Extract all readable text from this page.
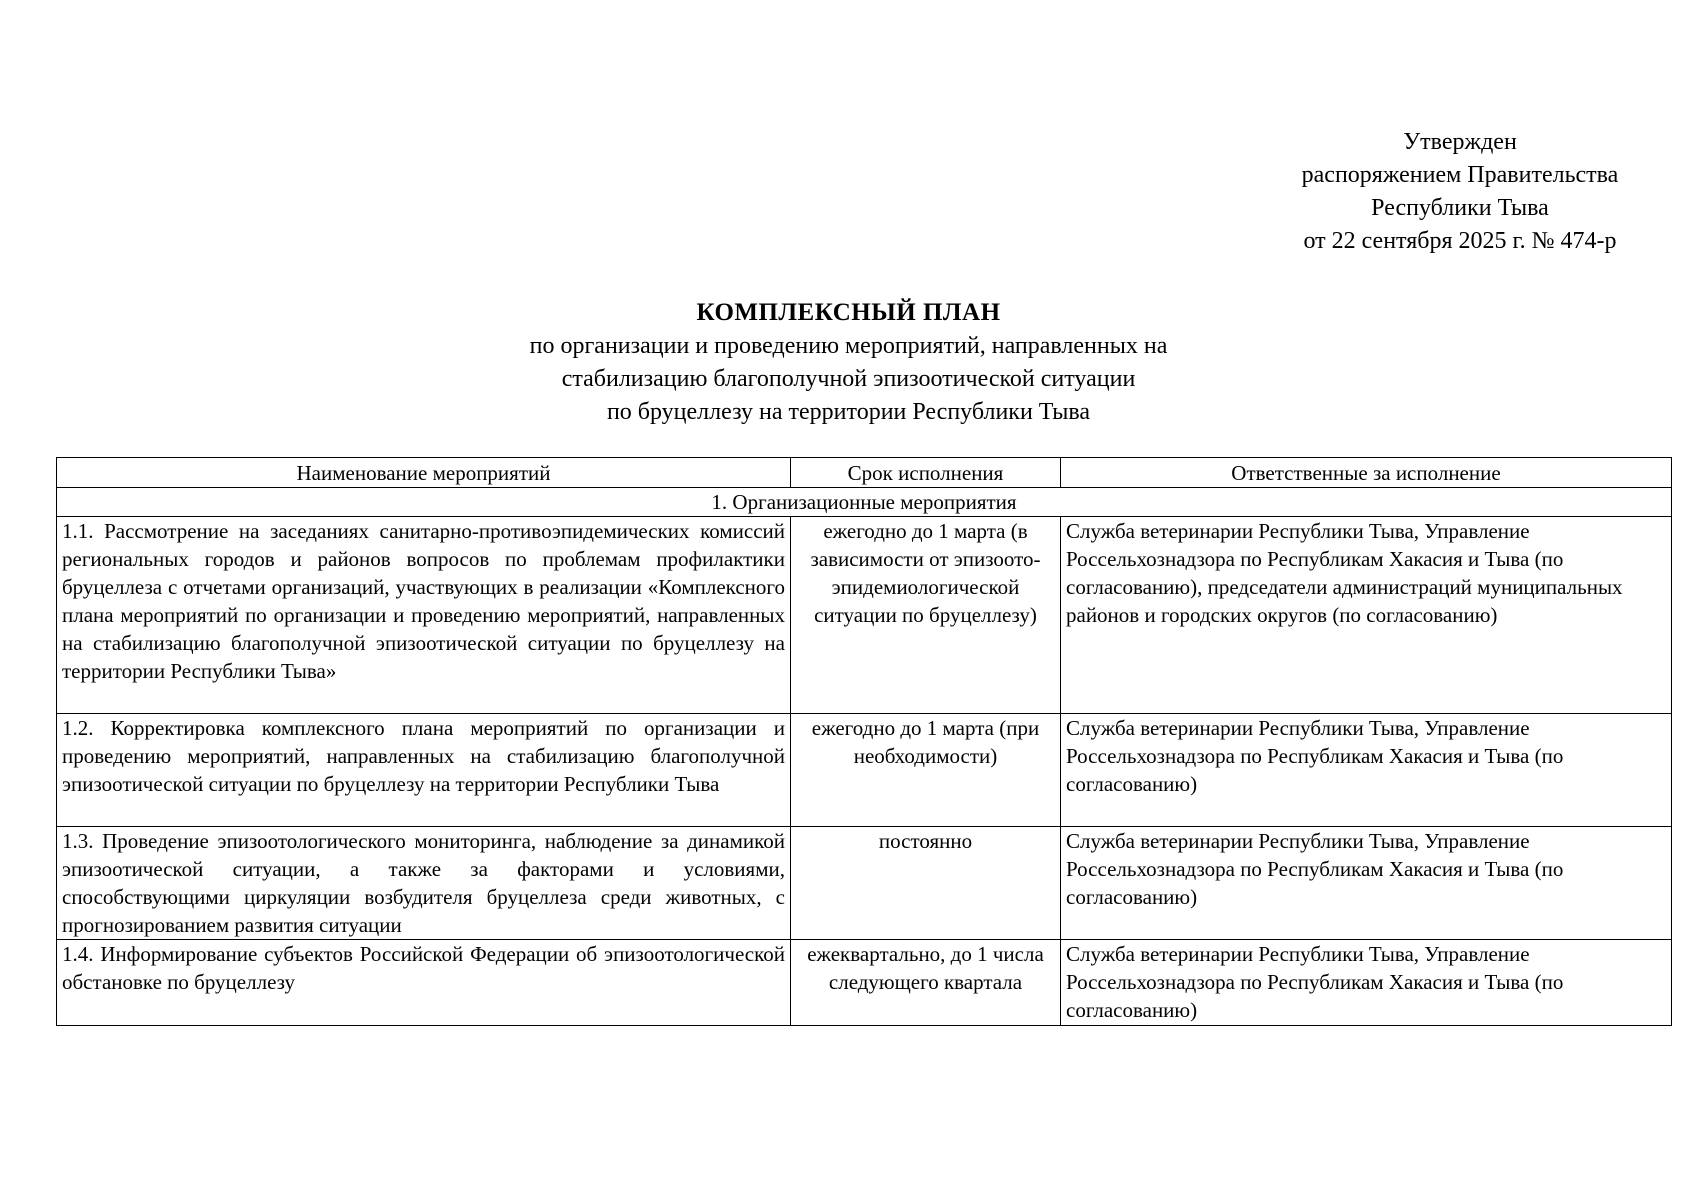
Утвержден
распоряжением Правительства
Республики Тыва
от 22 сентября 2025 г. № 474-р
КОМПЛЕКСНЫЙ ПЛАН
по организации и проведению мероприятий, направленных на
стабилизацию благополучной эпизоотической ситуации
по бруцеллезу на территории Республики Тыва
Наименование мероприятий	Срок исполнения	Ответственные за исполнение
1. Организационные мероприятия		
1.1. Рассмотрение на заседаниях санитарно-противоэпидемических комиссий региональных городов и районов вопросов по проблемам профилактики бруцеллеза с отчетами организаций, участвующих в реализации «Комплексного плана мероприятий по организации и проведению мероприятий, направленных на стабилизацию благополучной эпизоотической ситуации по бруцеллезу на территории Республики Тыва»	ежегодно до 1 марта (в зависимости от эпизоото-эпидемиологической ситуации по бруцеллезу)	Служба ветеринарии Республики Тыва, Управление Россельхознадзора по Республикам Хакасия и Тыва (по согласованию), председатели администраций муниципальных районов и городских округов (по согласованию)
1.2. Корректировка комплексного плана мероприятий по организации и проведению мероприятий, направленных на стабилизацию благополучной эпизоотической ситуации по бруцеллезу на территории Республики Тыва	ежегодно до 1 марта (при необходимости)	Служба ветеринарии Республики Тыва, Управление Россельхознадзора по Республикам Хакасия и Тыва (по согласованию)
1.3. Проведение эпизоотологического мониторинга, наблюдение за динамикой эпизоотической ситуации, а также за факторами и условиями, способствующими циркуляции возбудителя бруцеллеза среди животных, с прогнозированием развития ситуации	постоянно	Служба ветеринарии Республики Тыва, Управление Россельхознадзора по Республикам Хакасия и Тыва (по согласованию)
1.4. Информирование субъектов Российской Федерации об эпизоотологической обстановке по бруцеллезу	ежеквартально, до 1 числа следующего квартала	Служба ветеринарии Республики Тыва, Управление Россельхознадзора по Республикам Хакасия и Тыва (по согласованию)
